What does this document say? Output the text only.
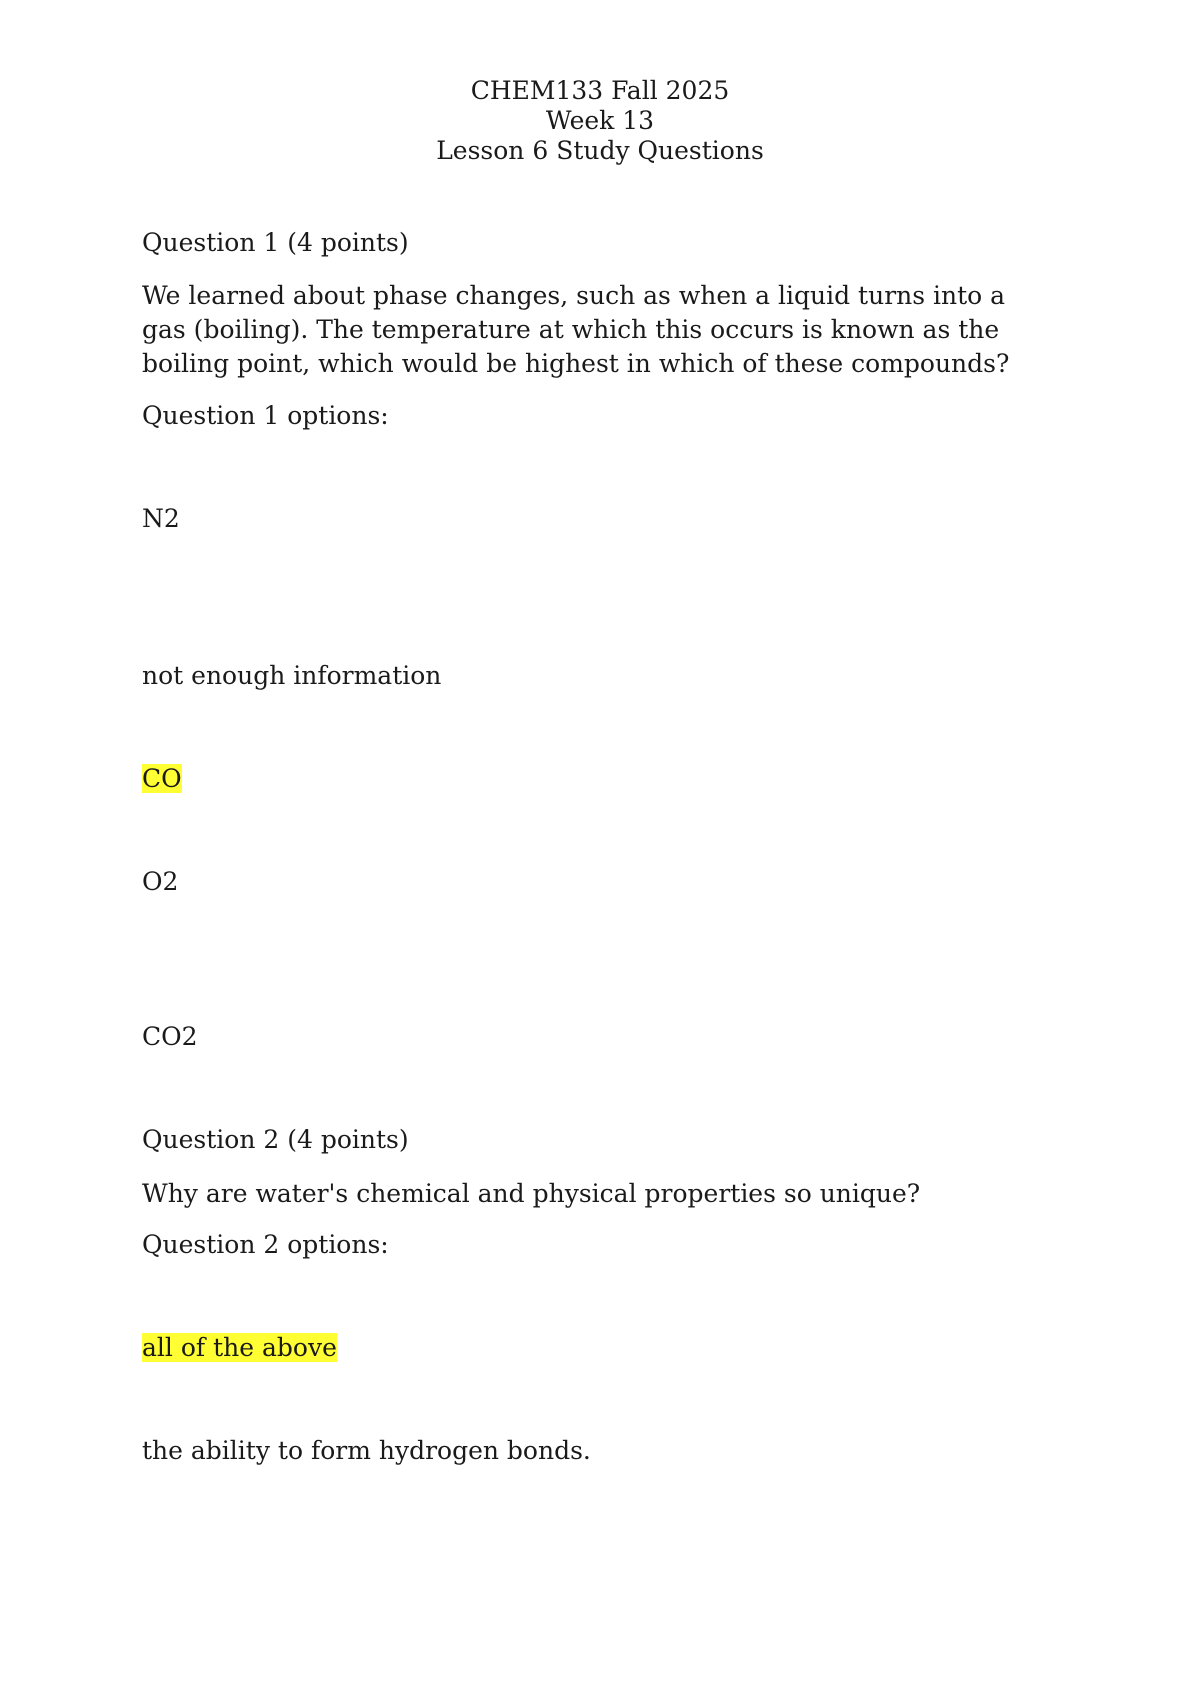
CHEM133 Fall 2025
Week 13
Lesson 6 Study Questions

Question 1 (4 points)

We learned about phase changes, such as when a liquid turns into a gas (boiling). The temperature at which this occurs is known as the boiling point, which would be highest in which of these compounds?

Question 1 options:

N2

not enough information

CO

O2

CO2

Question 2 (4 points)

Why are water's chemical and physical properties so unique?

Question 2 options:

all of the above

the ability to form hydrogen bonds.
